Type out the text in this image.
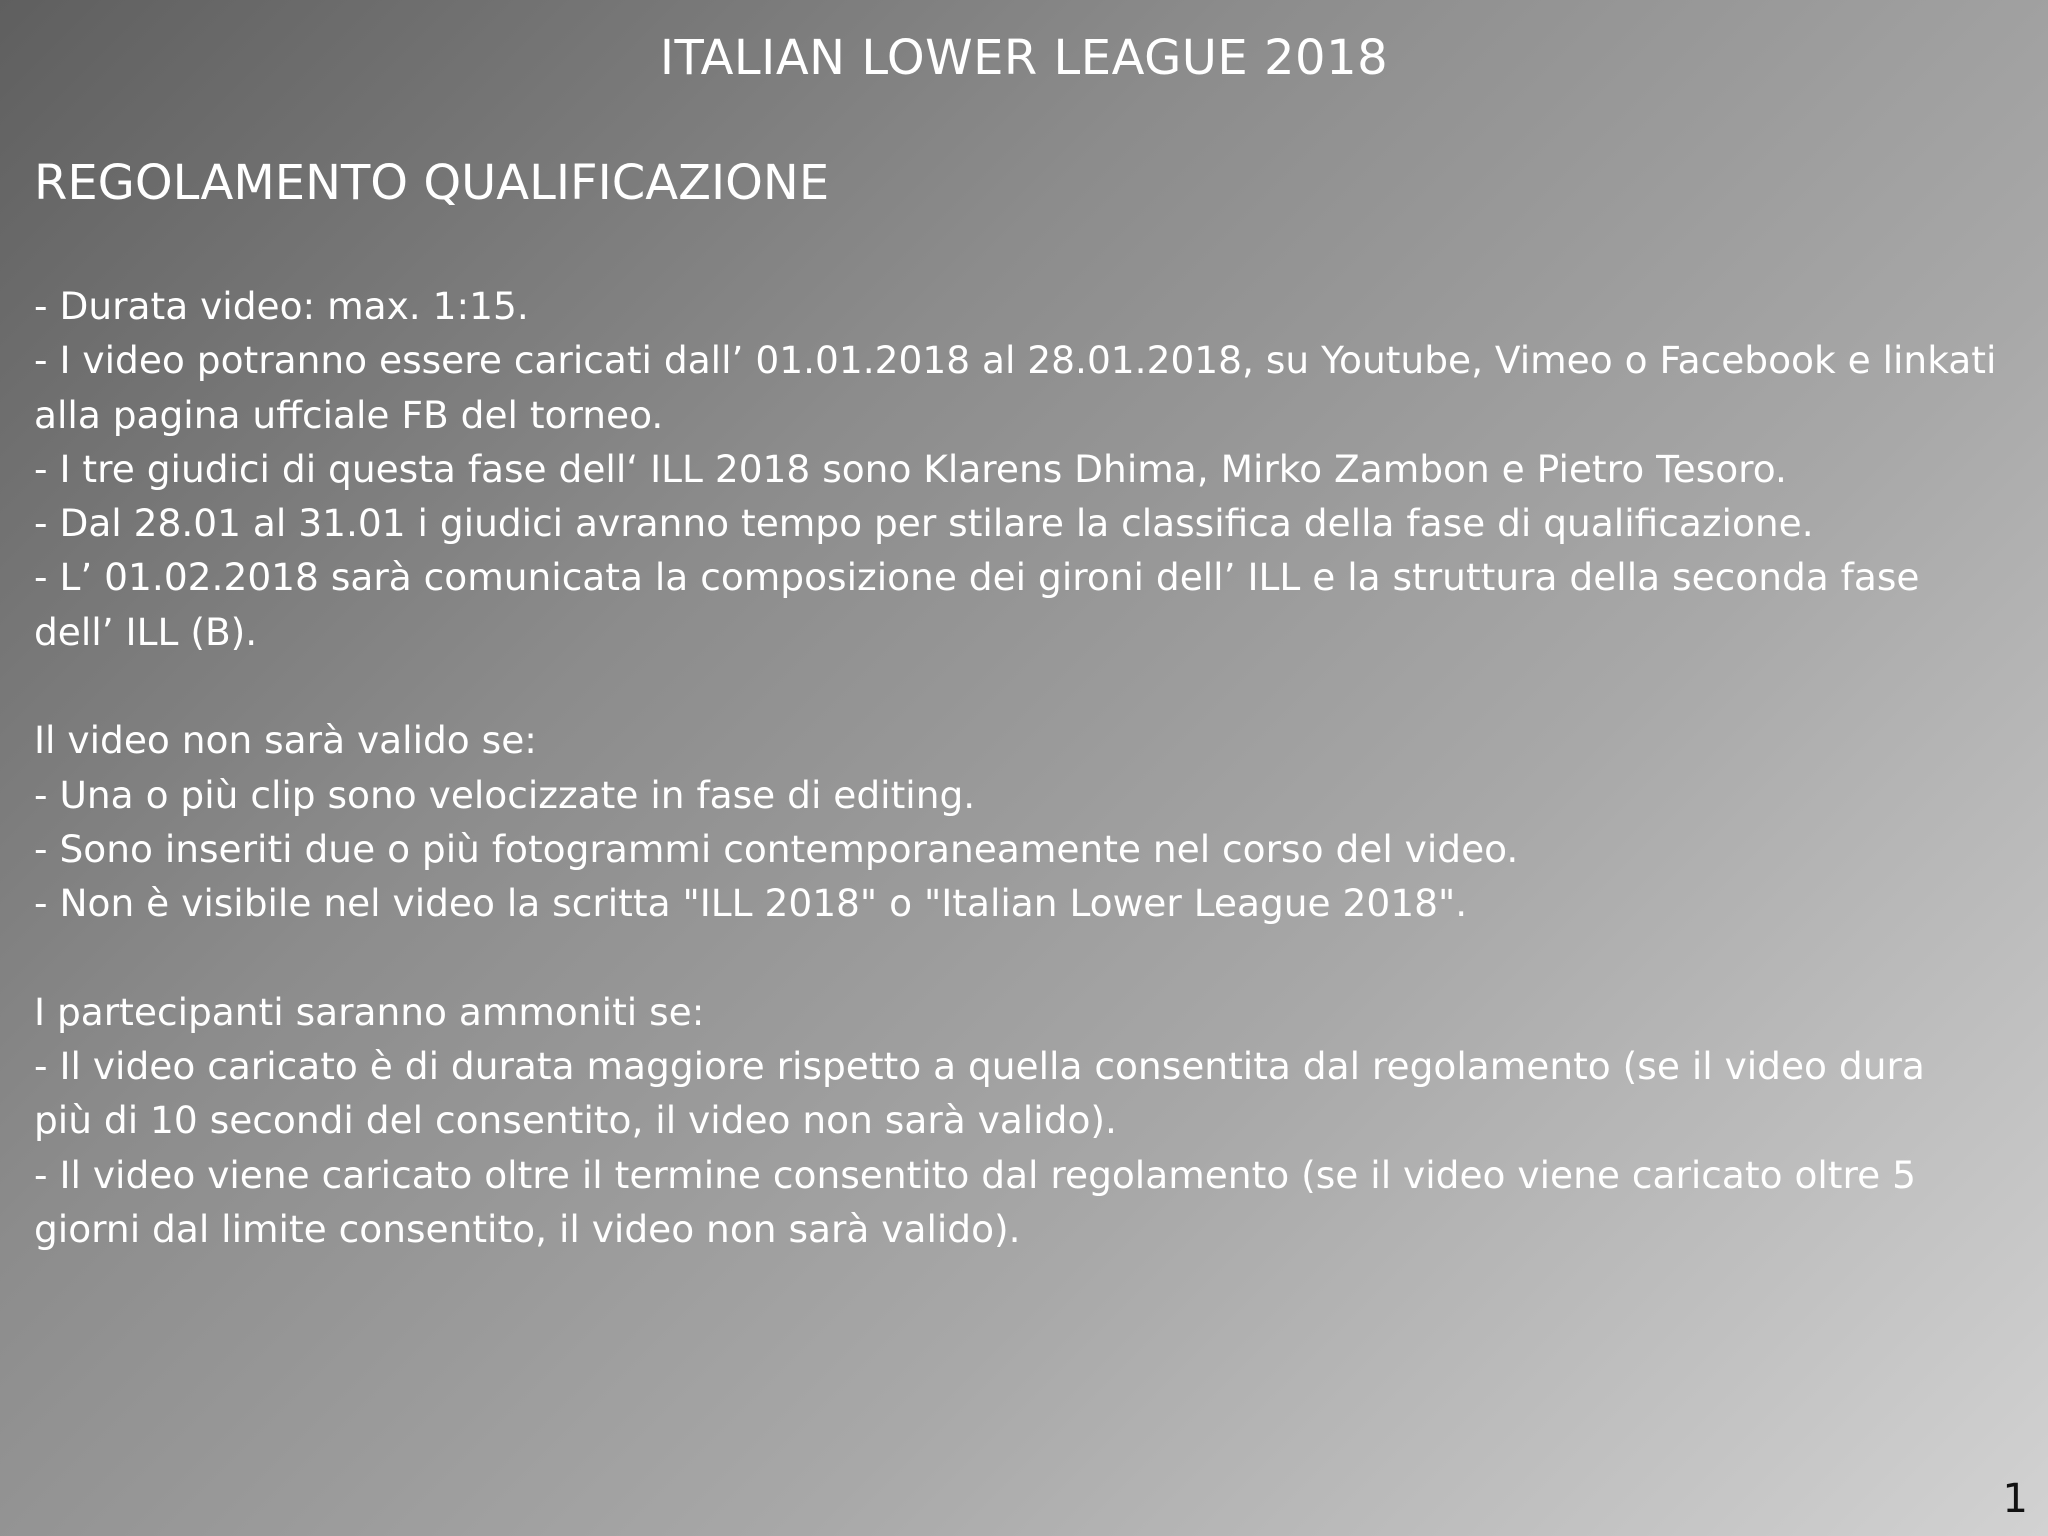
ITALIAN LOWER LEAGUE 2018
REGOLAMENTO QUALIFICAZIONE
- Durata video: max. 1:15.
- I video potranno essere caricati dall’ 01.01.2018 al 28.01.2018, su Youtube, Vimeo o Facebook e linkati
alla pagina uffciale FB del torneo.
- I tre giudici di questa fase dell‘ ILL 2018 sono Klarens Dhima, Mirko Zambon e Pietro Tesoro.
- Dal 28.01 al 31.01 i giudici avranno tempo per stilare la classifica della fase di qualificazione.
- L’ 01.02.2018 sarà comunicata la composizione dei gironi dell’ ILL e la struttura della seconda fase
dell’ ILL (B).
Il video non sarà valido se:
- Una o più clip sono velocizzate in fase di editing.
- Sono inseriti due o più fotogrammi contemporaneamente nel corso del video.
- Non è visibile nel video la scritta "ILL 2018" o "Italian Lower League 2018".
I partecipanti saranno ammoniti se:
- Il video caricato è di durata maggiore rispetto a quella consentita dal regolamento (se il video dura
più di 10 secondi del consentito, il video non sarà valido).
- Il video viene caricato oltre il termine consentito dal regolamento (se il video viene caricato oltre 5
giorni dal limite consentito, il video non sarà valido).
1
